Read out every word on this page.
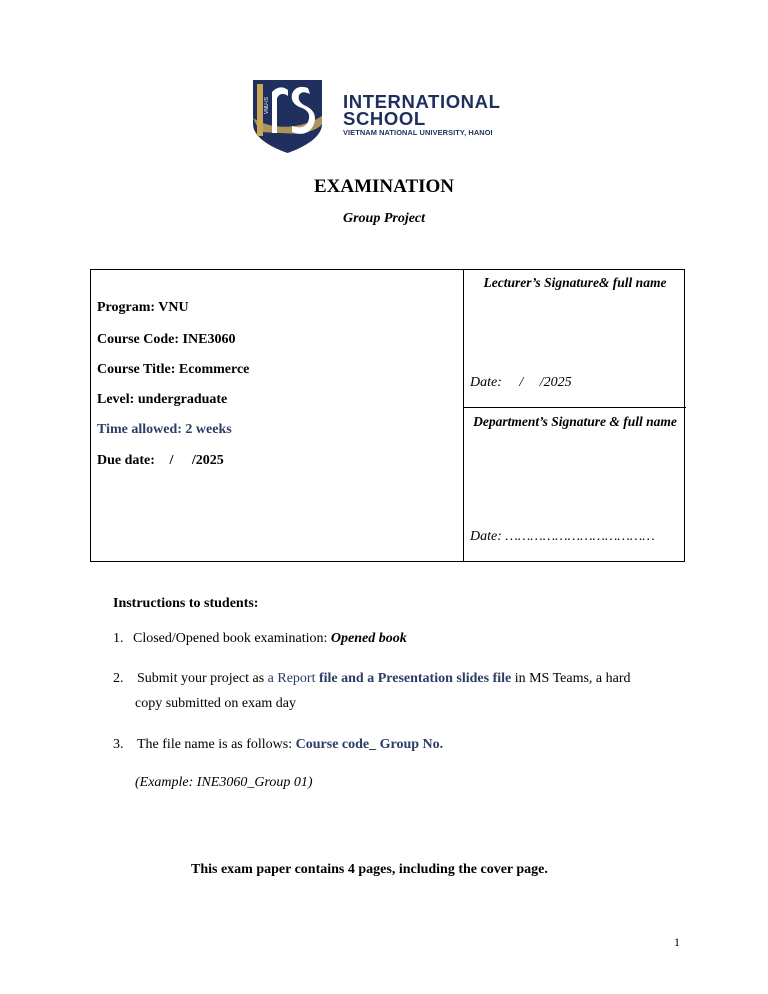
VNU-IS	INTERNATIONAL
SCHOOL
VIETNAM NATIONAL UNIVERSITY, HANOI
EXAMINATION
Group Project
Program: VNU
Course Code: INE3060
Course Title: Ecommerce
Level: undergraduate
Time allowed: 2 weeks
Due date: / /2025
Lecturer’s Signature& full name
Date: / /2025
Department’s Signature & full name
Date: ………………………………
Instructions to students:
1. Closed/Opened book examination: Opened book
2. Submit your project as a Report file and a Presentation slides file in MS Teams, a hard
copy submitted on exam day
3. The file name is as follows: Course code_ Group No.
(Example: INE3060_Group 01)
This exam paper contains 4 pages, including the cover page.
1
